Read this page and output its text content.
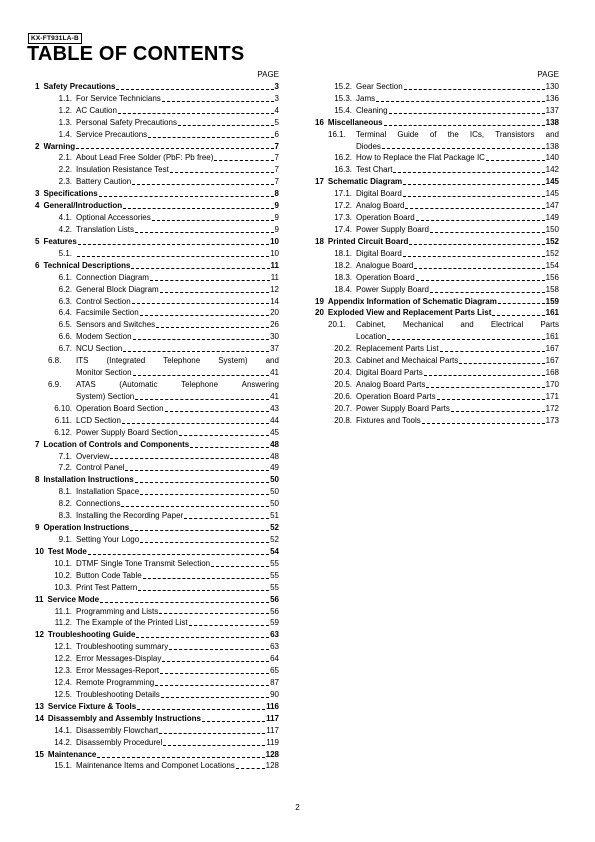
KX-FT931LA-B
TABLE OF CONTENTS
PAGE
1 Safety Precautions	3
1.1. For Service Technicians	3
1.2. AC Caution	4
1.3. Personal Safety Precautions	5
1.4. Service Precautions	6
2 Warning	7
2.1. About Lead Free Solder (PbF: Pb free)	7
2.2. Insulation Resistance Test	7
2.3. Battery Caution	7
3 Specifications	8
4 General/Introduction	9
4.1. Optional Accessories	9
4.2. Translation Lists	9
5 Features	10
5.1.	10
6 Technical Descriptions	11
6.1. Connection Diagram	11
6.2. General Block Diagram	12
6.3. Control Section	14
6.4. Facsimile Section	20
6.5. Sensors and Switches	26
6.6. Modem Section	30
6.7. NCU Section	37
6.8.	ITS (Integrated Telephone System) and
Monitor Section	41
6.9.	ATAS	(Automatic	Telephone	Answering
System) Section	41
6.10. Operation Board Section	43
6.11. LCD Section	44
6.12. Power Supply Board Section	45
7 Location of Controls and Components	48
7.1. Overview	48
7.2. Control Panel	49
8 Installation Instructions	50
8.1. Installation Space	50
8.2. Connections	50
8.3. Installing the Recording Paper	51
9 Operation Instructions	52
9.1. Setting Your Logo	52
10 Test Mode	54
10.1. DTMF Single Tone Transmit Selection	55
10.2. Button Code Table	55
10.3. Print Test Pattern	55
11 Service Mode	56
11.1. Programming and Lists	56
11.2. The Example of the Printed List	59
12 Troubleshooting Guide	63
12.1. Troubleshooting summary	63
12.2. Error Messages-Display	64
12.3. Error Messages-Report	65
12.4. Remote Programming	87
12.5. Troubleshooting Details	90
13 Service Fixture & Tools	116
14 Disassembly and Assembly Instructions	117
14.1. Disassembly Flowchart	117
14.2. Disassembly Procedurel	119
15 Maintenance	128
15.1. Maintenance Items and Componet Locations	128
PAGE
15.2. Gear Section	130
15.3. Jams	136
15.4. Cleaning	137
16 Miscellaneous	138
16.1.	Terminal Guide of the ICs, Transistors and
Diodes	138
16.2. How to Replace the Flat Package IC	140
16.3. Test Chart	142
17 Schematic Diagram	145
17.1. Digital Board	145
17.2. Analog Board	147
17.3. Operation Board	149
17.4. Power Supply Board	150
18 Printed Circuit Board	152
18.1. Digital Board	152
18.2. Analogue Board	154
18.3. Operation Board	156
18.4. Power Supply Board	158
19 Appendix Information of Schematic Diagram	159
20 Exploded View and Replacement Parts List	161
20.1.	Cabinet, Mechanical and Electrical Parts
Location	161
20.2. Replacement Parts List	167
20.3. Cabinet and Mechaical Parts	167
20.4. Digital Board Parts	168
20.5. Analog Board Parts	170
20.6. Operation Board Parts	171
20.7. Power Supply Board Parts	172
20.8. Fixtures and Tools	173
2
